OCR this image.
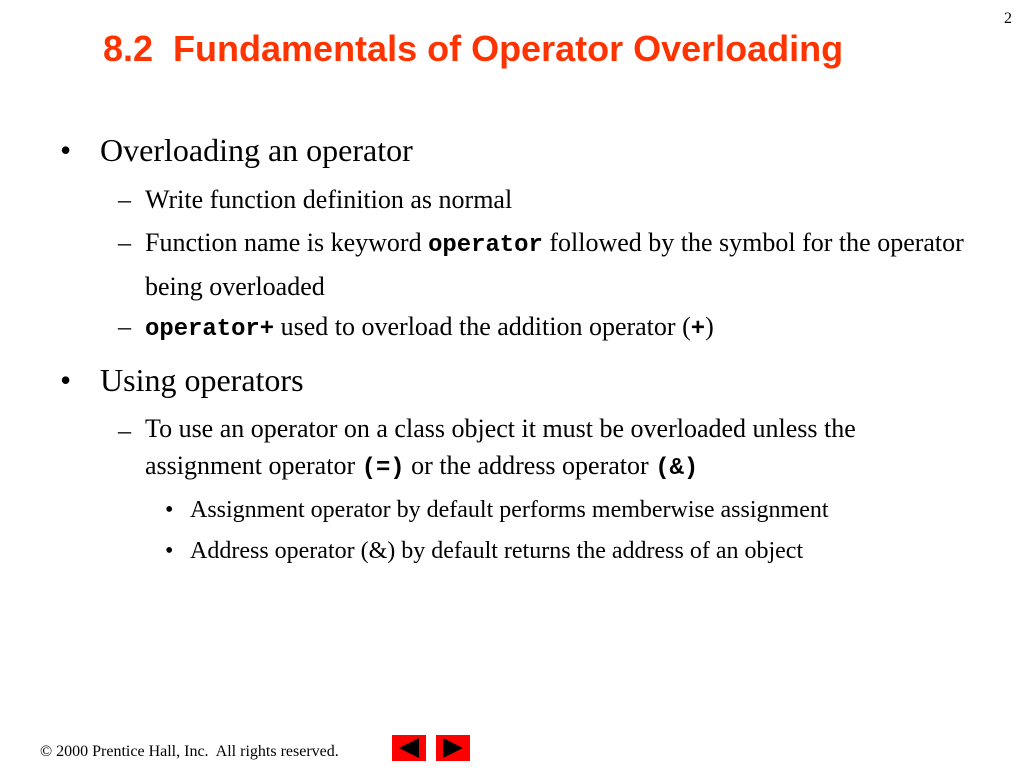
2
8.2  Fundamentals of Operator Overloading
• Overloading an operator
– Write function definition as normal
– Function name is keyword operator followed by the symbol for the operator being overloaded
– operator+ used to overload the addition operator (+)
• Using operators
– To use an operator on a class object it must be overloaded unless the assignment operator (=) or the address operator (&)
• Assignment operator by default performs memberwise assignment
• Address operator (&) by default returns the address of an object
© 2000 Prentice Hall, Inc.  All rights reserved.
